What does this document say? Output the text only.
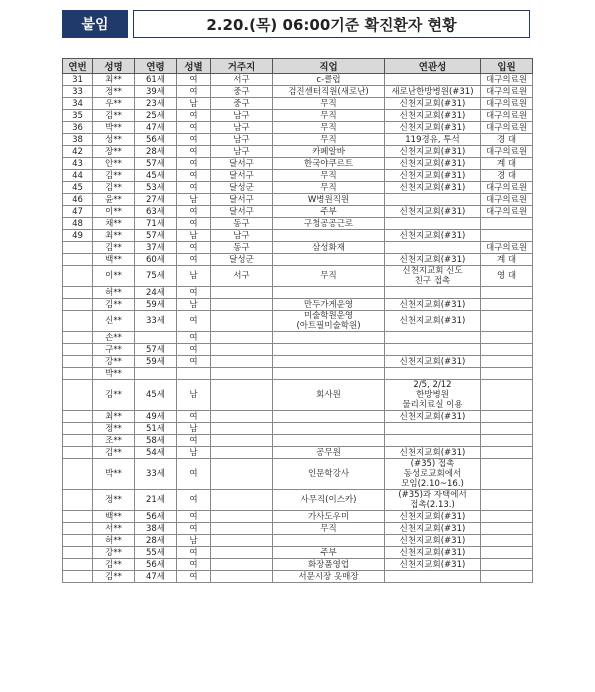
붙임	2.20.(목) 06:00기준 확진환자 현황
연번	성명	연령	성별	거주지	직업	연관성	입원
31	최**	61세	여	서구	c-클럽		대구의료원
33	정**	39세	여	중구	검진센터직원(새로난)	새로난한방병원(#31)	대구의료원
34	우**	23세	남	중구	무직	신천지교회(#31)	대구의료원
35	김**	25세	여	남구	무직	신천지교회(#31)	대구의료원
36	박**	47세	여	남구	무직	신천지교회(#31)	대구의료원
38	성**	56세	여	남구	무직	119경유, 투석	경 대
42	장**	28세	여	남구	카페알바	신천지교회(#31)	대구의료원
43	안**	57세	여	달서구	한국야쿠르트	신천지교회(#31)	계 대
44	김**	45세	여	달서구	무직	신천지교회(#31)	경 대
45	김**	53세	여	달성군	무직	신천지교회(#31)	대구의료원
46	윤**	27세	남	달서구	W병원직원		대구의료원
47	이**	63세	여	달서구	주부	신천지교회(#31)	대구의료원
48	채**	71세	여	동구	구청공공근로		
49	최**	57세	남	남구		신천지교회(#31)	
	김**	37세	여	동구	삼성화재		대구의료원
	백**	60세	여	달성군		신천지교회(#31)	계 대
	이**	75세	남	서구	무직	신천지교회 신도
친구 접촉	영 대
	허**	24세	여				
	김**	59세	남		만두가게운영	신천지교회(#31)	
	신**	33세	여		미술학원운영
(아트필미술학원)	신천지교회(#31)	
	손**		여				
	구**	57세	여				
	강**	59세	여			신천지교회(#31)	
	박**						
	김**	45세	남		회사원	2/5, 2/12
한방병원
물리치료실 이용	
	최**	49세	여			신천지교회(#31)	
	정**	51세	남				
	조**	58세	여				
	김**	54세	남		공무원	신천지교회(#31)	
	박**	33세	여		인문학강사	(#35) 접촉
동성로교회에서
모임(2.10~16.)	
	정**	21세	여		사무직(이스카)	(#35)과 자택에서
접촉(2.13.)	
	백**	56세	여		가사도우미	신천지교회(#31)	
	서**	38세	여		무직	신천지교회(#31)	
	허**	28세	남			신천지교회(#31)	
	강**	55세	여		주부	신천지교회(#31)	
	김**	56세	여		화장품영업	신천지교회(#31)	
	김**	47세	여		서문시장 옷매장		
